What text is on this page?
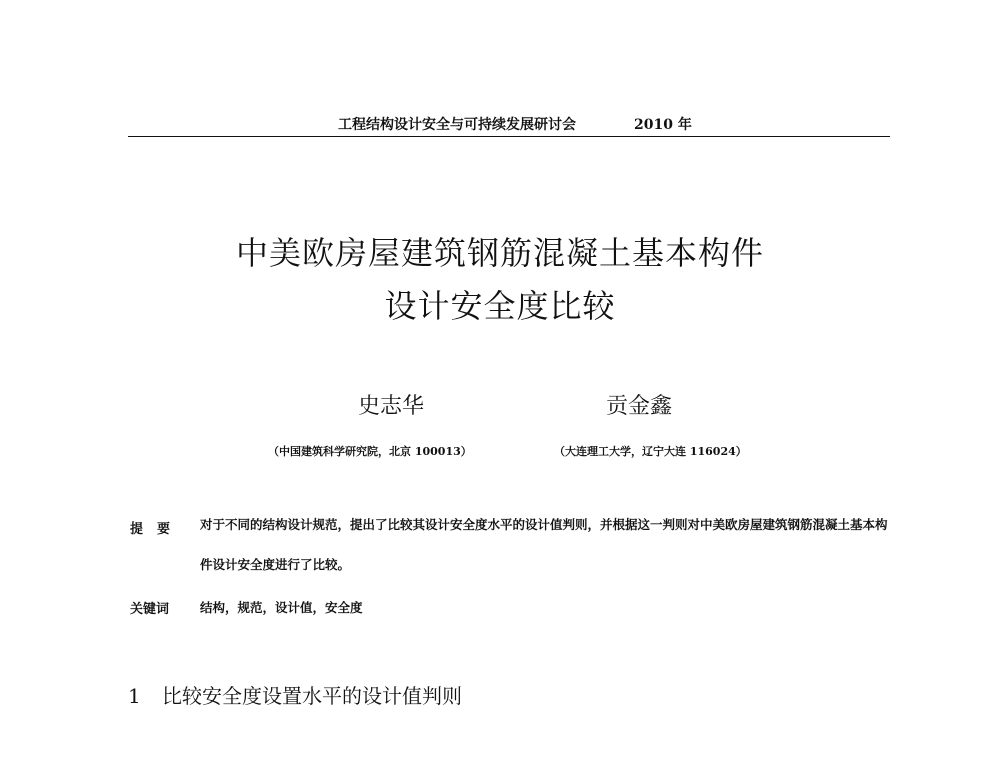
工程结构设计安全与可持续发展研讨会	2010 年
中美欧房屋建筑钢筋混凝土基本构件
设计安全度比较
史志华	贡金鑫
（中国建筑科学研究院，北京 100013）	（大连理工大学，辽宁大连 116024）
提要 对于不同的结构设计规范，提出了比较其设计安全度水平的设计值判则，并根据这一判则对中美欧房屋建筑钢筋混凝土基本构件设计安全度进行了比较。
关键词 结构，规范，设计值，安全度
1 比较安全度设置水平的设计值判则
